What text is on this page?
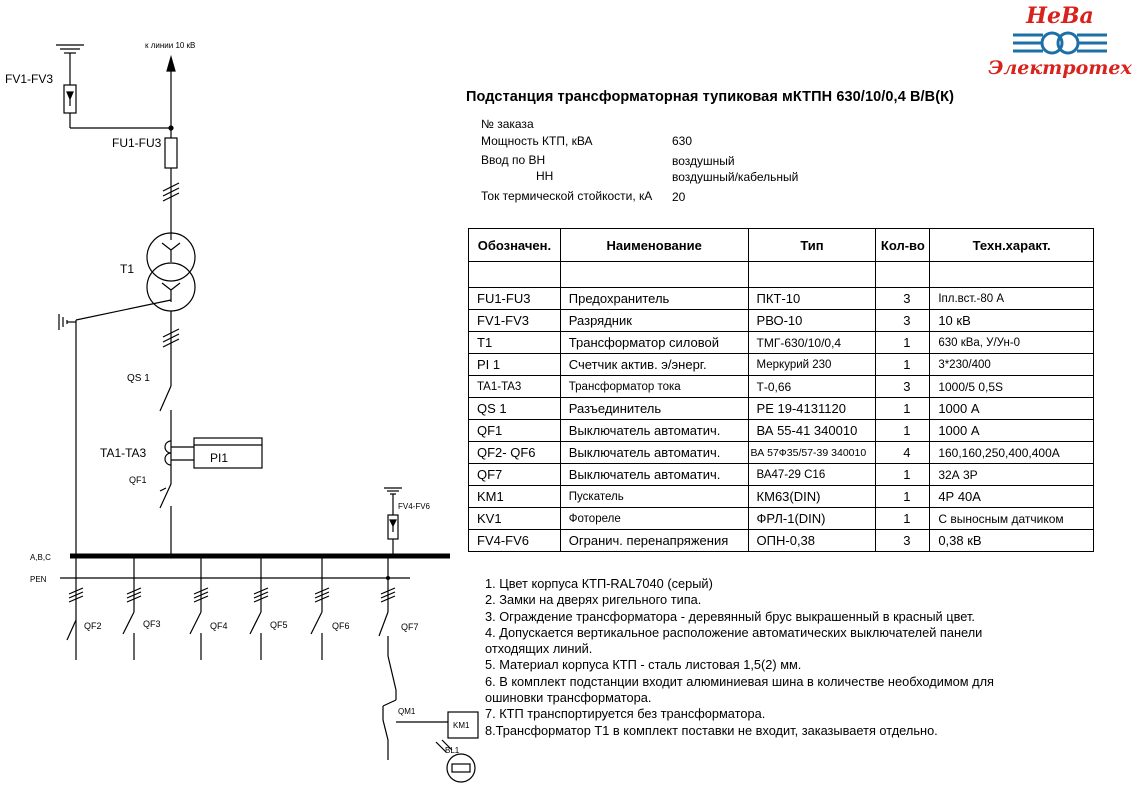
НеВа
Электротех
Подстанция трансформаторная тупиковая мКТПН 630/10/0,4 В/В(К)
№ заказа
Мощность КТП, кВА	630
Ввод по ВН	воздушный
НН	воздушный/кабельный
Ток термической стойкости, кА 20
Обозначен.	Наименование	Тип	Кол-во	Техн.характ.

FU1-FU3	Предохранитель	ПКТ-10	3	Iпл.вст.-80 А
FV1-FV3	Разрядник	РВО-10	3	10 кВ
T1	Трансформатор силовой	ТМГ-630/10/0,4	1	630 кВа, У/Ун-0
PI 1	Счетчик актив. э/энерг.	Меркурий 230	1	3*230/400
TA1-TA3	Трансформатор тока	Т-0,66	3	1000/5 0,5S
QS 1	Разъединитель	РЕ 19-4131120	1	1000 А
QF1	Выключатель автоматич.	ВА 55-41 340010	1	1000 А
QF2- QF6	Выключатель автоматич.	ВА 57Ф35/57-39 340010	4	160,160,250,400,400А
QF7	Выключатель автоматич.	ВА47-29 С16	1	32А 3Р
KM1	Пускатель	КМ63(DIN)	1	4Р 40А
KV1	Фотореле	ФРЛ-1(DIN)	1	С выносным датчиком
FV4-FV6	Огранич. перенапряжения	ОПН-0,38	3	0,38 кВ
1. Цвет корпуса КТП-RAL7040 (серый)
2. Замки на дверях ригельного типа.
3. Ограждение трансформатора - деревянный брус выкрашенный в красный цвет.
4. Допускается вертикальное расположение автоматических выключателей панели
отходящих линий.
5. Материал корпуса КТП - сталь листовая 1,5(2) мм.
6. В комплект подстанции входит алюминиевая шина в количестве необходимом для
ошиновки трансформатора.
7. КТП транспортируется без трансформатора.
8.Трансформатор Т1 в комплект поставки не входит, заказываетя отдельно.
FV1-FV3
к линии 10 кВ
FU1-FU3
T1
QS 1
TA1-TA3	PI1
QF1
FV4-FV6
A,B,C
PEN
QF2	QF3	QF4	QF5	QF6	QF7
QM1
KM1
BL1
